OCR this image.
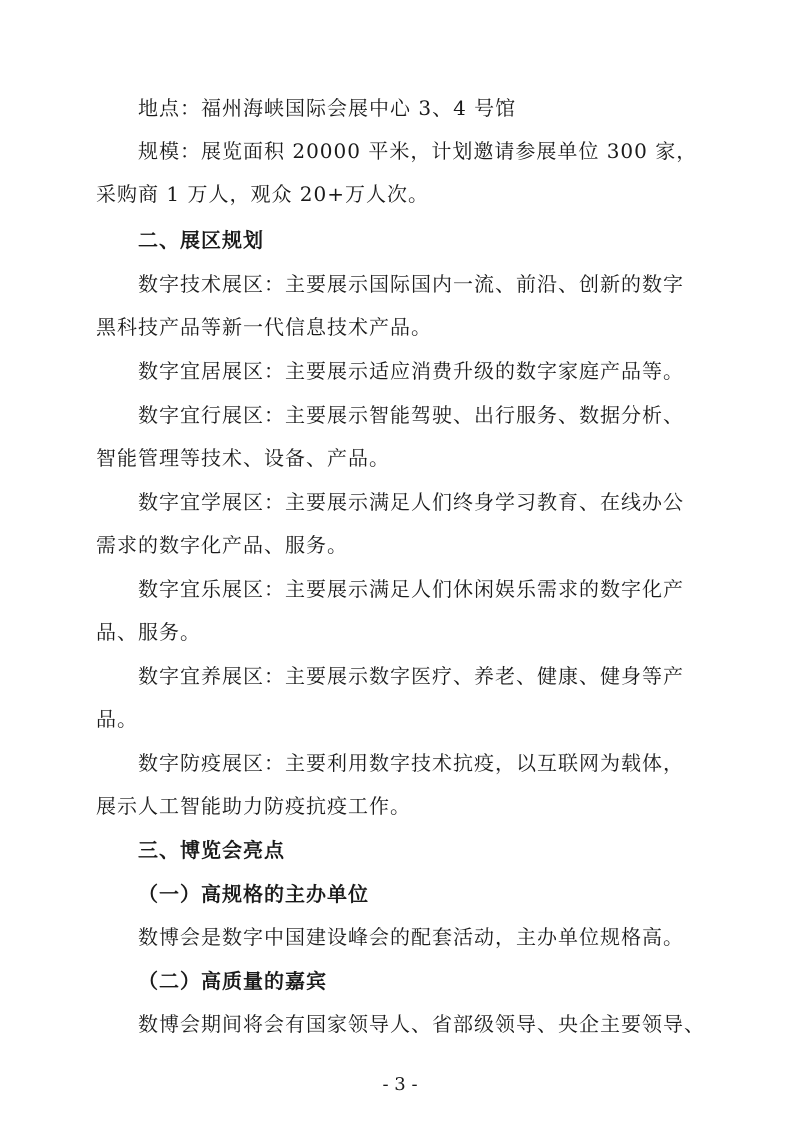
地点：福州海峡国际会展中心 3、4 号馆
规模：展览面积 20000 平米，计划邀请参展单位 300 家，
采购商 1 万人，观众 20+万人次。
二、展区规划
数字技术展区：主要展示国际国内一流、前沿、创新的数字
黑科技产品等新一代信息技术产品。
数字宜居展区：主要展示适应消费升级的数字家庭产品等。
数字宜行展区：主要展示智能驾驶、出行服务、数据分析、
智能管理等技术、设备、产品。
数字宜学展区：主要展示满足人们终身学习教育、在线办公
需求的数字化产品、服务。
数字宜乐展区：主要展示满足人们休闲娱乐需求的数字化产
品、服务。
数字宜养展区：主要展示数字医疗、养老、健康、健身等产
品。
数字防疫展区：主要利用数字技术抗疫，以互联网为载体，
展示人工智能助力防疫抗疫工作。
三、博览会亮点
（一）高规格的主办单位
数博会是数字中国建设峰会的配套活动，主办单位规格高。
（二）高质量的嘉宾
数博会期间将会有国家领导人、省部级领导、央企主要领导、
- 3 -
